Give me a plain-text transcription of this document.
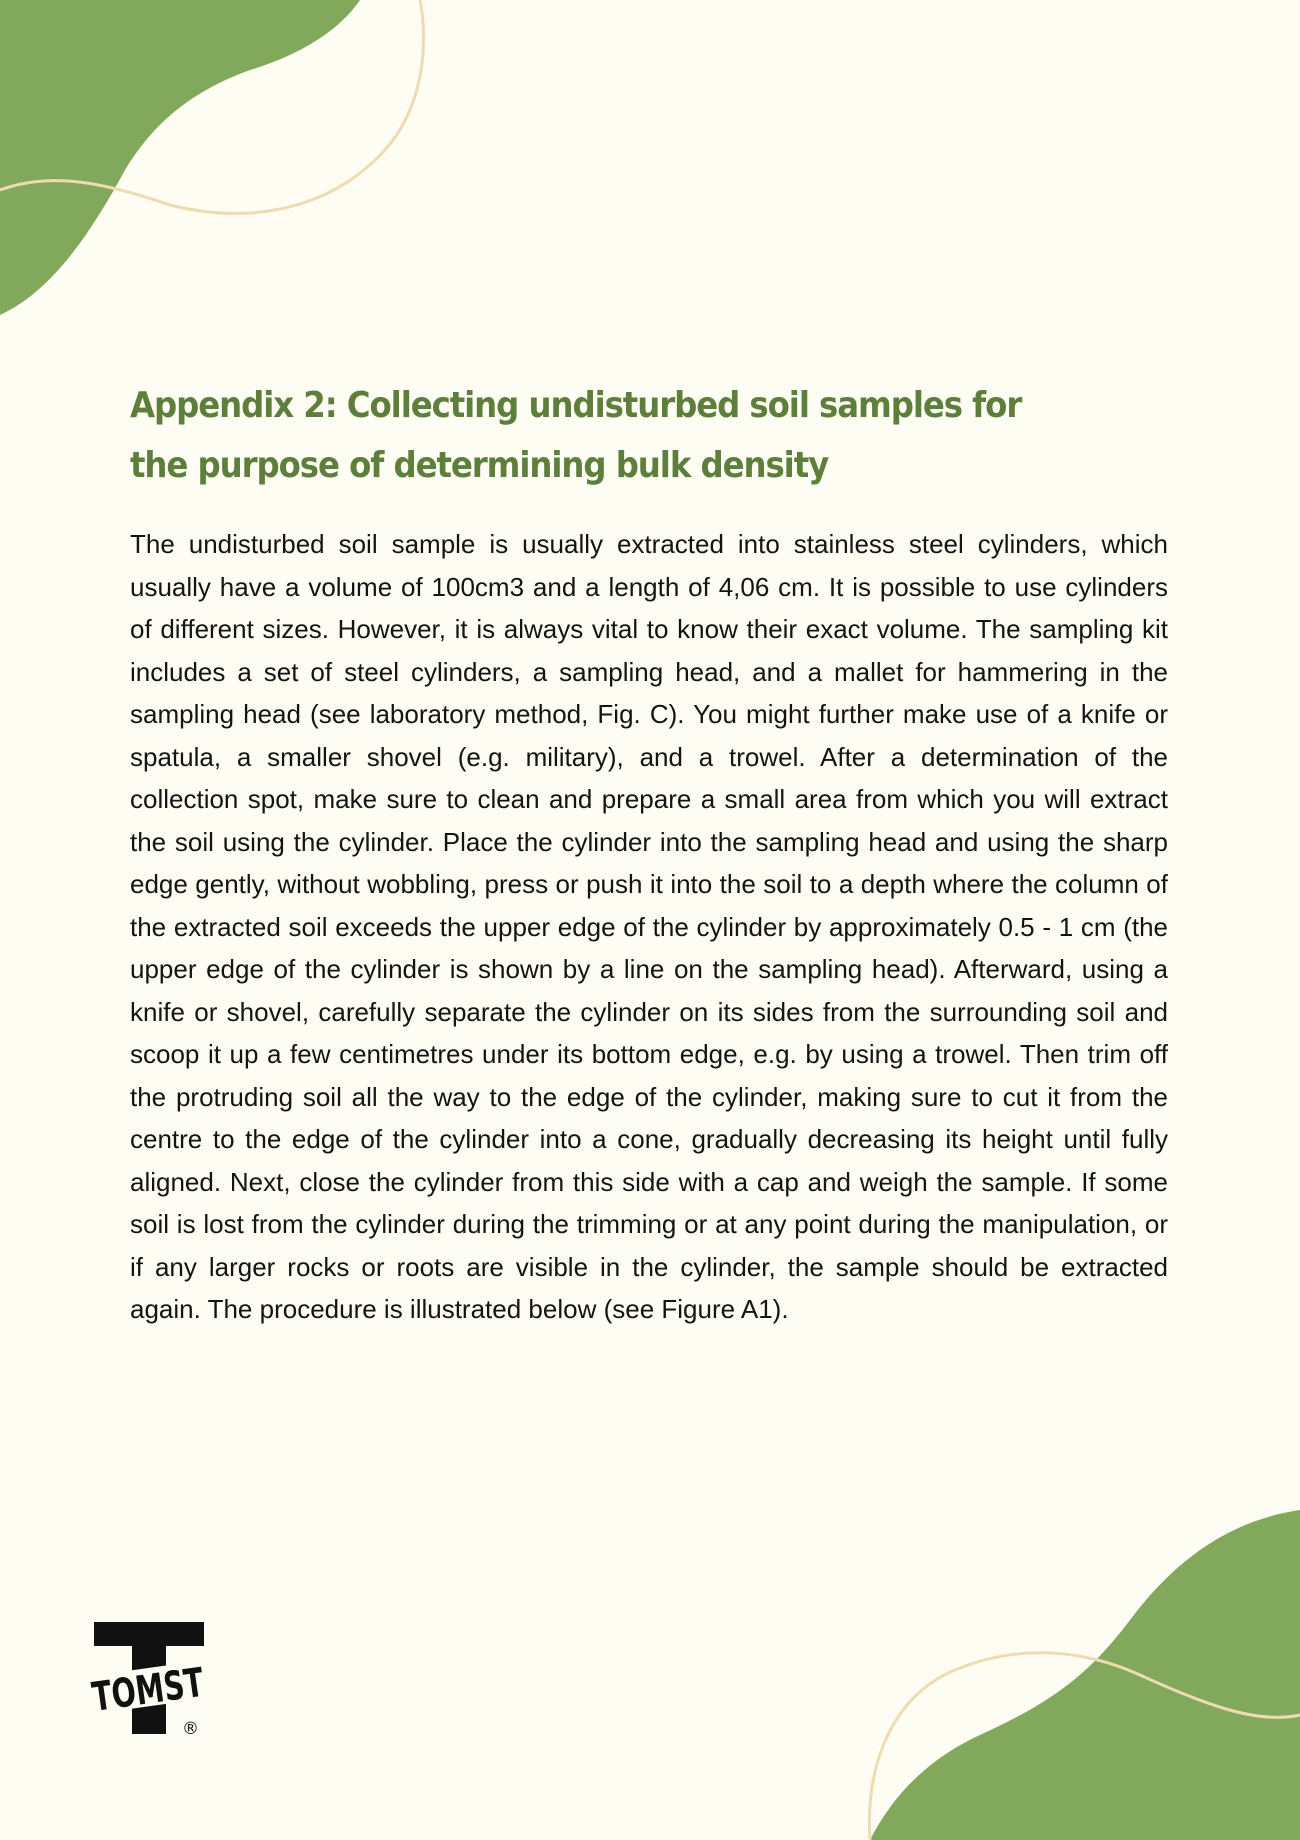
Appendix 2: Collecting undisturbed soil samples for
the purpose of determining bulk density

The undisturbed soil sample is usually extracted into stainless steel cylinders, which usually have a volume of 100cm3 and a length of 4,06 cm. It is possible to use cylinders of different sizes. However, it is always vital to know their exact volume. The sampling kit includes a set of steel cylinders, a sampling head, and a mallet for hammering in the sampling head (see laboratory method, Fig. C). You might further make use of a knife or spatula, a smaller shovel (e.g. military), and a trowel. After a determination of the collection spot, make sure to clean and prepare a small area from which you will extract the soil using the cylinder. Place the cylinder into the sampling head and using the sharp edge gently, without wobbling, press or push it into the soil to a depth where the column of the extracted soil exceeds the upper edge of the cylinder by approximately 0.5 - 1 cm (the upper edge of the cylinder is shown by a line on the sampling head). Afterward, using a knife or shovel, carefully separate the cylinder on its sides from the surrounding soil and scoop it up a few centimetres under its bottom edge, e.g. by using a trowel. Then trim off the protruding soil all the way to the edge of the cylinder, making sure to cut it from the centre to the edge of the cylinder into a cone, gradually decreasing its height until fully aligned. Next, close the cylinder from this side with a cap and weigh the sample. If some soil is lost from the cylinder during the trimming or at any point during the manipulation, or if any larger rocks or roots are visible in the cylinder, the sample should be extracted again. The procedure is illustrated below (see Figure A1).

TOMST
®
